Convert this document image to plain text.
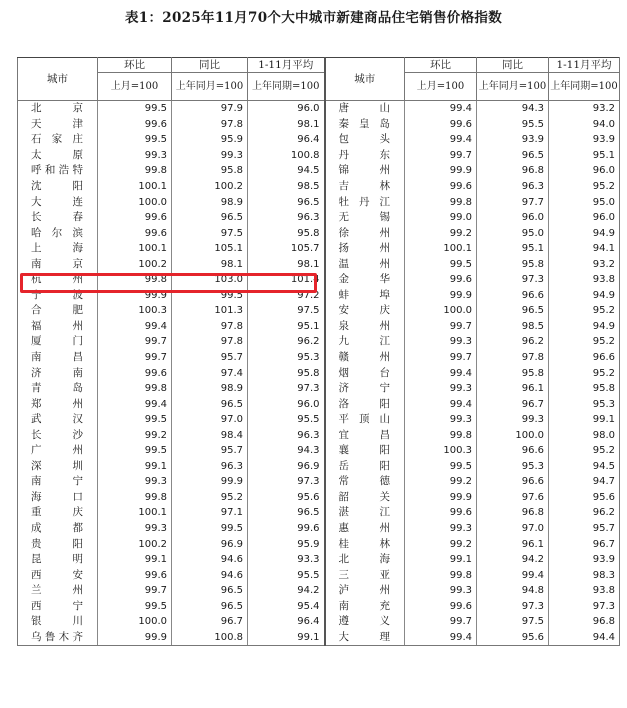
表1：2025年11月70个大中城市新建商品住宅销售价格指数
城市	环比	同比	1-11月平均	城市	环比	同比	1-11月平均
	上月=100	上年同月=100	上年同期=100		上月=100	上年同月=100	上年同期=100
北京	99.5	97.9	96.0	唐山	99.4	94.3	93.2
天津	99.6	97.8	98.1	秦皇岛	99.6	95.5	94.0
石家庄	99.5	95.9	96.4	包头	99.4	93.9	93.9
太原	99.3	99.3	100.8	丹东	99.7	96.5	95.1
呼和浩特	99.8	95.8	94.5	锦州	99.9	96.8	96.0
沈阳	100.1	100.2	98.5	吉林	99.6	96.3	95.2
大连	100.0	98.9	96.5	牡丹江	99.8	97.7	95.0
长春	99.6	96.5	96.3	无锡	99.0	96.0	96.0
哈尔滨	99.6	97.5	95.8	徐州	99.2	95.0	94.9
上海	100.1	105.1	105.7	扬州	100.1	95.1	94.1
南京	100.2	98.1	98.1	温州	99.5	95.8	93.2
杭州	99.8	103.0	101.4	金华	99.6	97.3	93.8
宁波	99.9	99.5	97.2	蚌埠	99.9	96.6	94.9
合肥	100.3	101.3	97.5	安庆	100.0	96.5	95.2
福州	99.4	97.8	95.1	泉州	99.7	98.5	94.9
厦门	99.7	97.8	96.2	九江	99.3	96.2	95.2
南昌	99.7	95.7	95.3	赣州	99.7	97.8	96.6
济南	99.6	97.4	95.8	烟台	99.4	95.8	95.2
青岛	99.8	98.9	97.3	济宁	99.3	96.1	95.8
郑州	99.4	96.5	96.0	洛阳	99.4	96.7	95.3
武汉	99.5	97.0	95.5	平顶山	99.3	99.3	99.1
长沙	99.2	98.4	96.3	宜昌	99.8	100.0	98.0
广州	99.5	95.7	94.3	襄阳	100.3	96.6	95.2
深圳	99.1	96.3	96.9	岳阳	99.5	95.3	94.5
南宁	99.3	99.9	97.3	常德	99.2	96.6	94.7
海口	99.8	95.2	95.6	韶关	99.9	97.6	95.6
重庆	100.1	97.1	96.5	湛江	99.6	96.8	96.2
成都	99.3	99.5	99.6	惠州	99.3	97.0	95.7
贵阳	100.2	96.9	95.9	桂林	99.2	96.1	96.7
昆明	99.1	94.6	93.3	北海	99.1	94.2	93.9
西安	99.6	94.6	95.5	三亚	99.8	99.4	98.3
兰州	99.7	96.5	94.2	泸州	99.3	94.8	93.8
西宁	99.5	96.5	95.4	南充	99.6	97.3	97.3
银川	100.0	96.7	96.4	遵义	99.7	97.5	96.8
乌鲁木齐	99.9	100.8	99.1	大理	99.4	95.6	94.4
